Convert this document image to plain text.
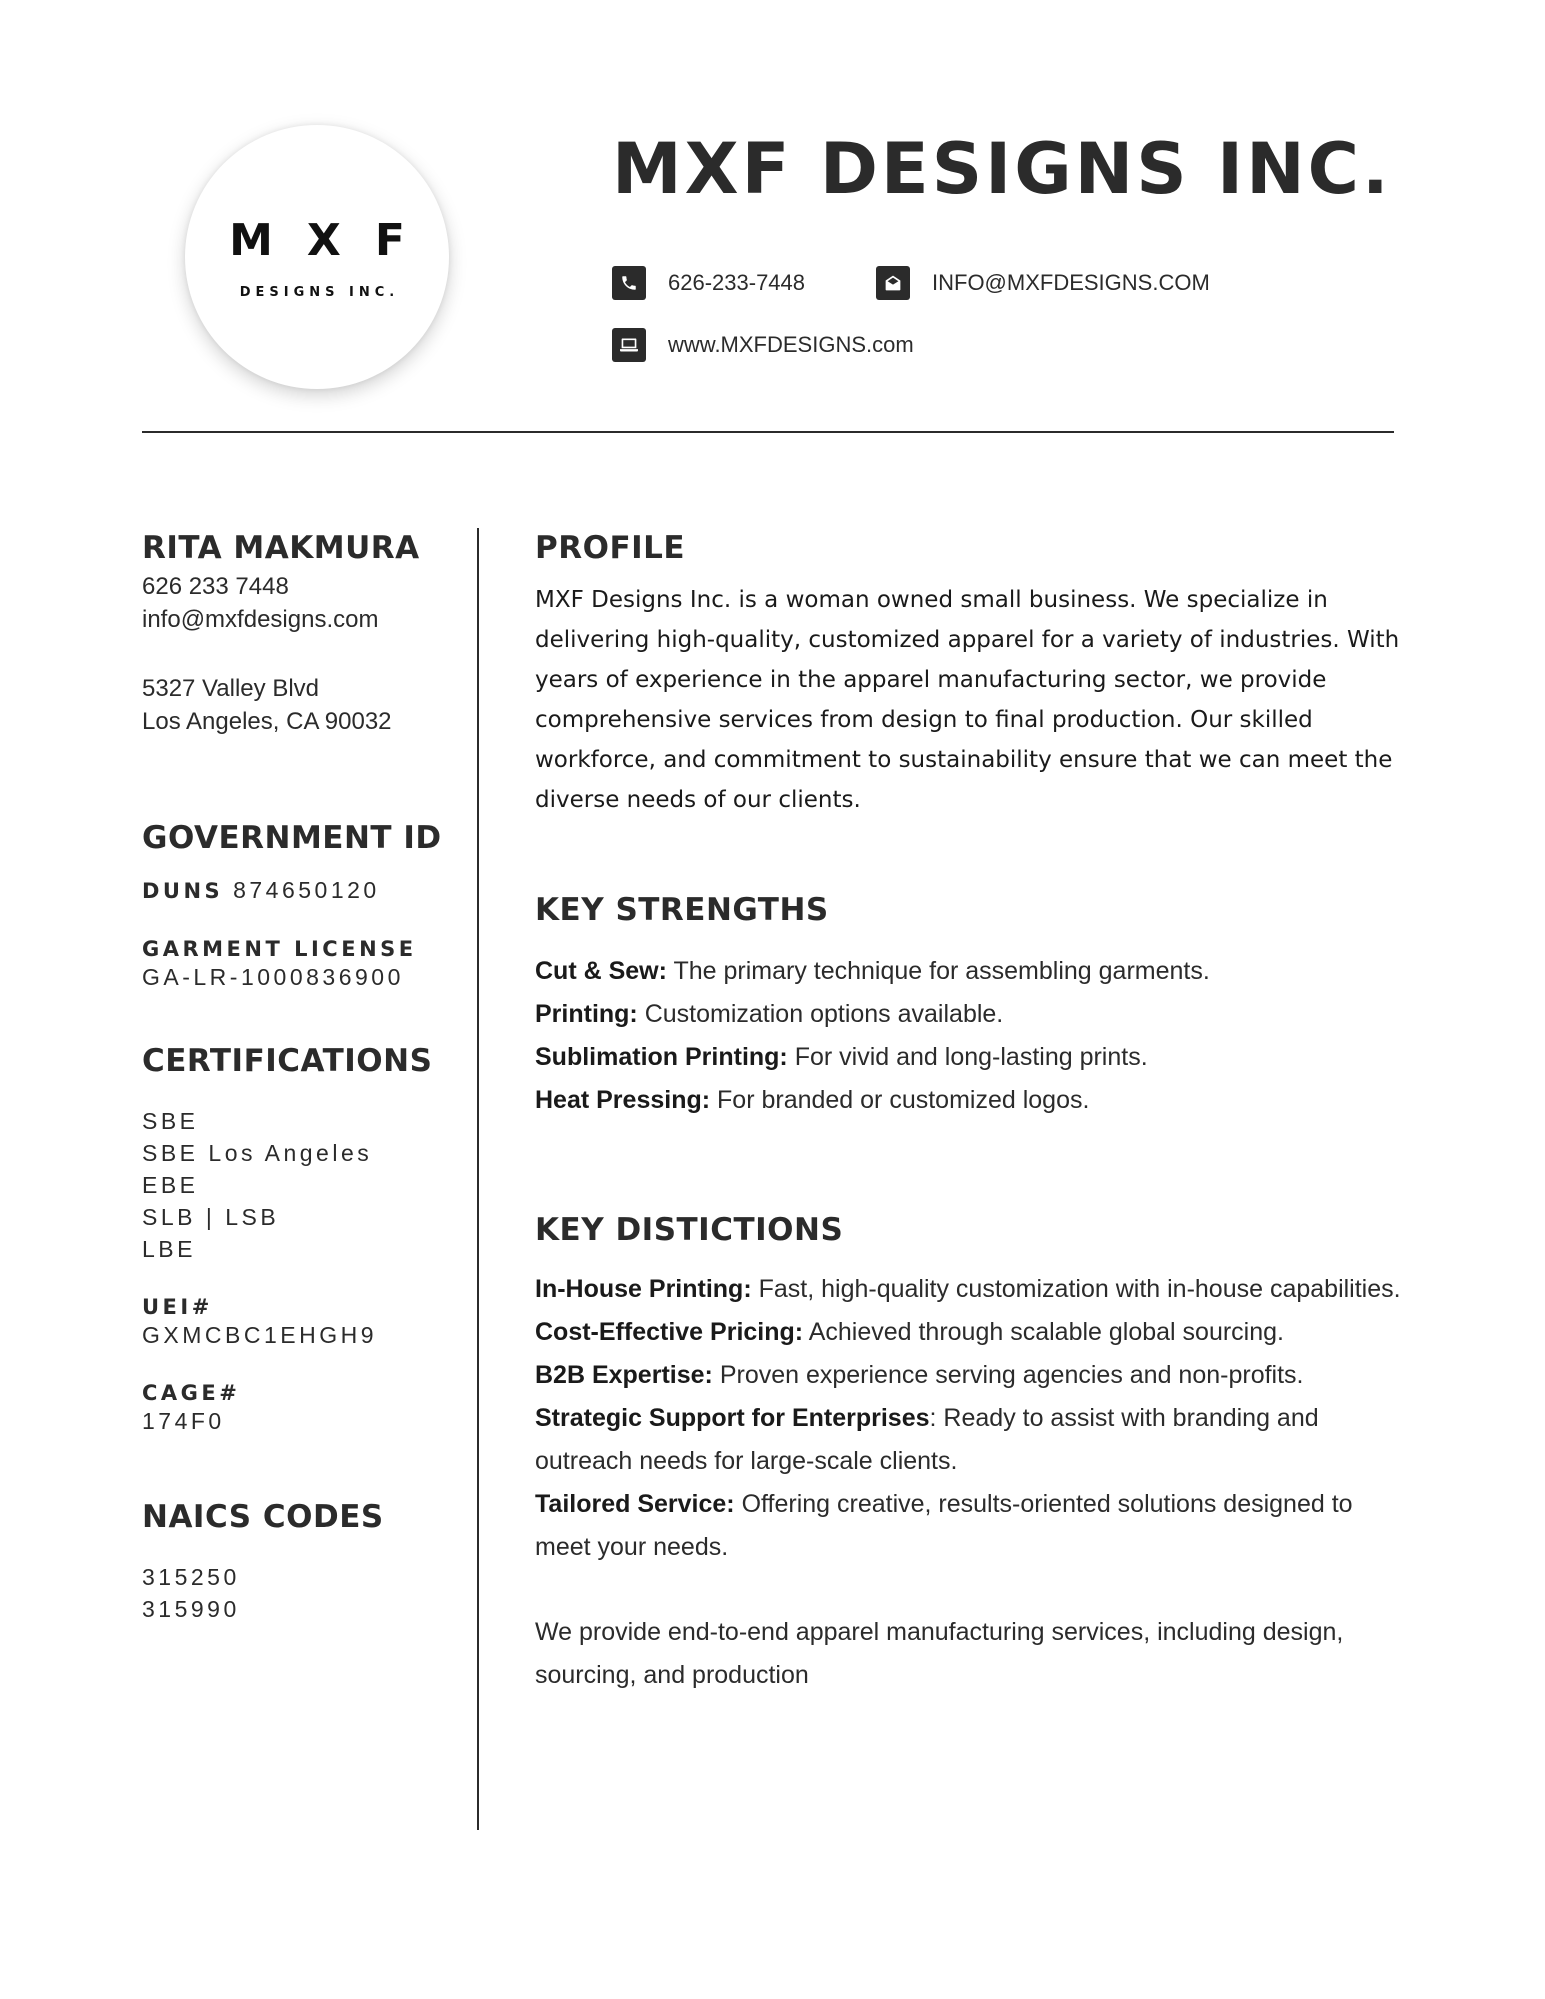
MXF
DESIGNS INC.
MXF DESIGNS INC.
626-233-7448	INFO@MXFDESIGNS.COM
www.MXFDESIGNS.com
RITA MAKMURA
626 233 7448
info@mxfdesigns.com
5327 Valley Blvd
Los Angeles, CA 90032
GOVERNMENT ID
DUNS 874650120
GARMENT LICENSE
GA-LR-1000836900
CERTIFICATIONS
SBE
SBE Los Angeles
EBE
SLB | LSB
LBE
UEI#
GXMCBC1EHGH9
CAGE#
174F0
NAICS CODES
315250
315990
PROFILE

MXF Designs Inc. is a woman owned small business. We specialize in delivering high-quality, customized apparel for a variety of industries. With years of experience in the apparel manufacturing sector, we provide comprehensive services from design to final production. Our skilled workforce, and commitment to sustainability ensure that we can meet the diverse needs of our clients.

KEY STRENGTHS

Cut & Sew: The primary technique for assembling garments.

Printing: Customization options available.

Sublimation Printing: For vivid and long-lasting prints.

Heat Pressing: For branded or customized logos.

KEY DISTICTIONS

In-House Printing: Fast, high-quality customization with in-house capabilities.

Cost-Effective Pricing: Achieved through scalable global sourcing.

B2B Expertise: Proven experience serving agencies and non-profits.

Strategic Support for Enterprises: Ready to assist with branding and outreach needs for large-scale clients.

Tailored Service: Offering creative, results-oriented solutions designed to meet your needs.

We provide end-to-end apparel manufacturing services, including design, sourcing, and production
